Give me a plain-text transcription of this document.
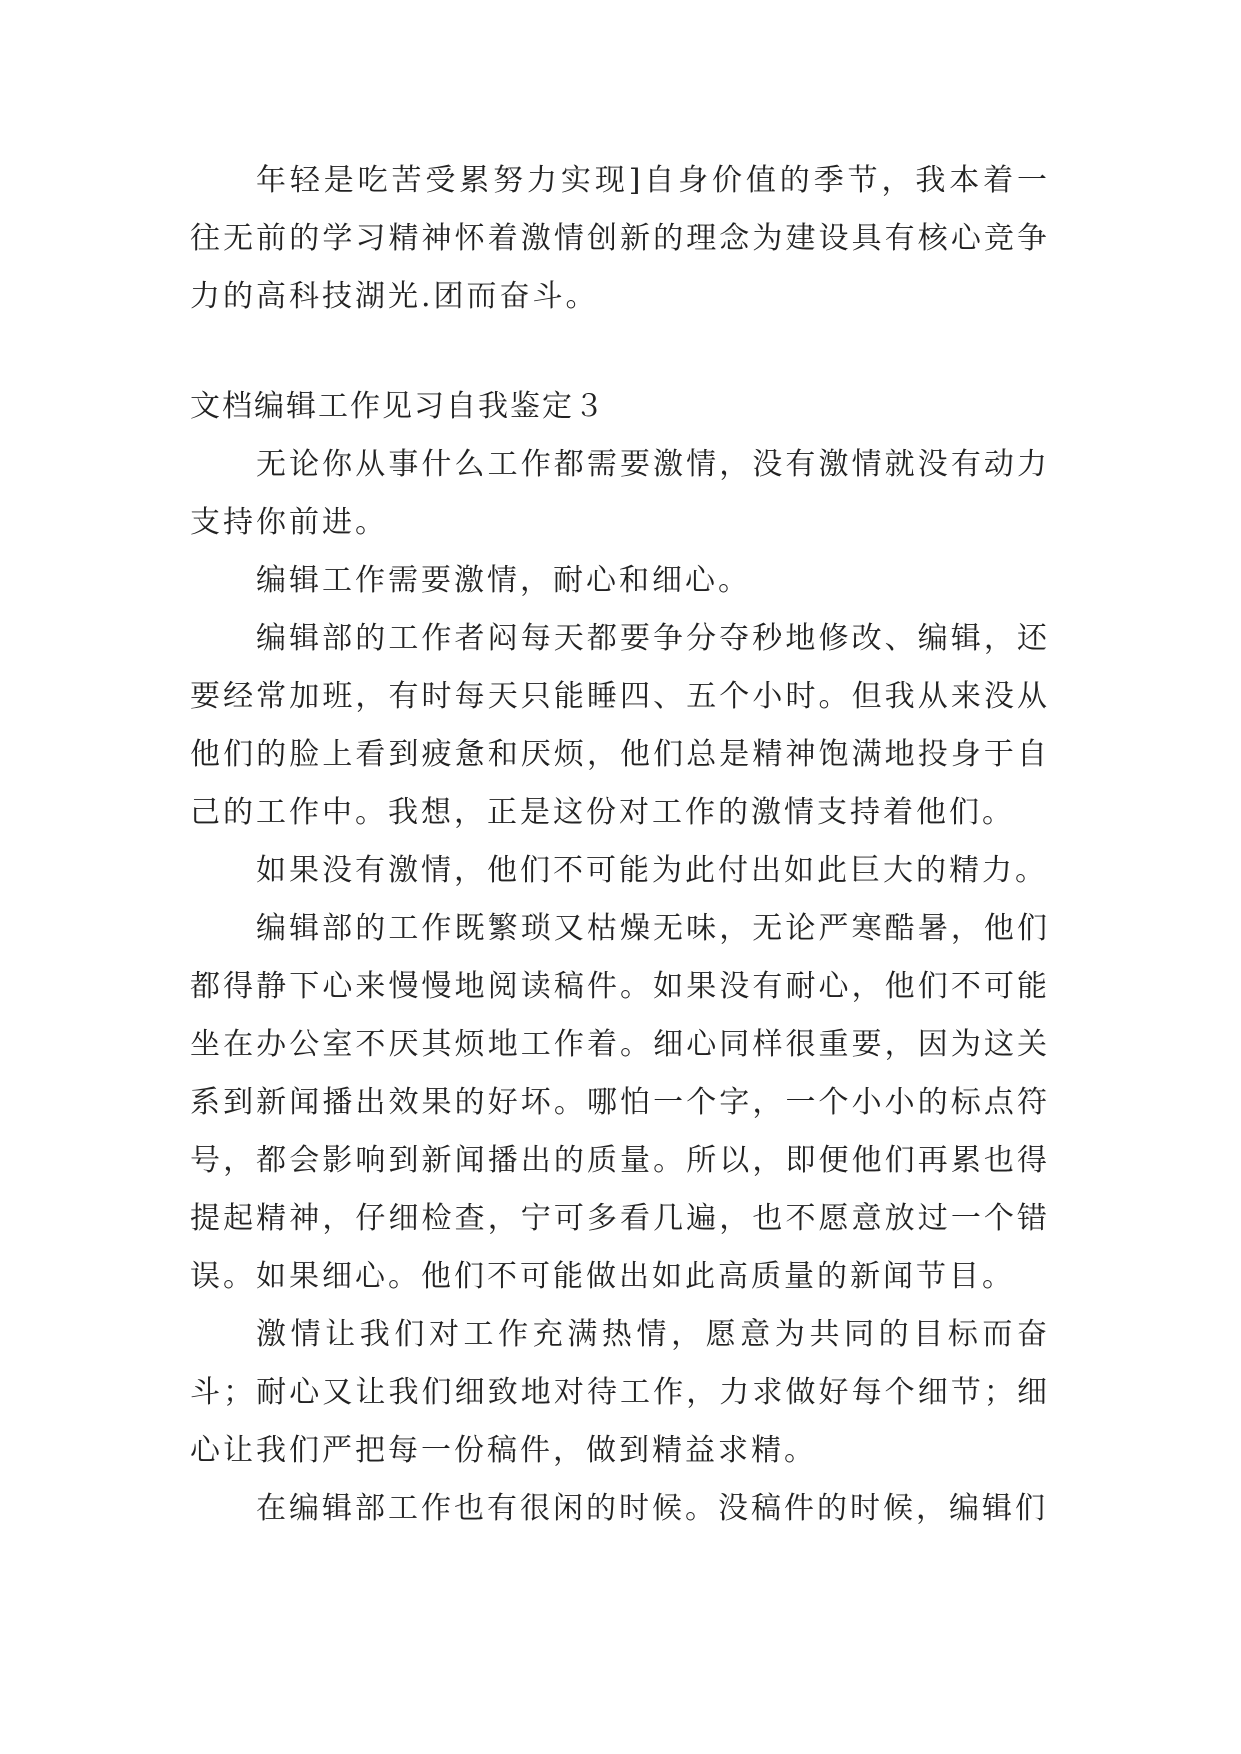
年轻是吃苦受累努力实现]自身价值的季节，我本着一往无前的学习精神怀着激情创新的理念为建设具有核心竞争力的高科技湖光.团而奋斗。

文档编辑工作见习自我鉴定３

无论你从事什么工作都需要激情，没有激情就没有动力支持你前进。

编辑工作需要激情，耐心和细心。

编辑部的工作者闷每天都要争分夺秒地修改、编辑，还要经常加班，有时每天只能睡四、五个小时。但我从来没从他们的脸上看到疲惫和厌烦，他们总是精神饱满地投身于自己的工作中。我想，正是这份对工作的激情支持着他们。

如果没有激情，他们不可能为此付出如此巨大的精力。

编辑部的工作既繁琐又枯燥无味，无论严寒酷暑，他们都得静下心来慢慢地阅读稿件。如果没有耐心，他们不可能坐在办公室不厌其烦地工作着。细心同样很重要，因为这关系到新闻播出效果的好坏。哪怕一个字，一个小小的标点符号，都会影响到新闻播出的质量。所以，即便他们再累也得提起精神，仔细检查，宁可多看几遍，也不愿意放过一个错误。如果细心。他们不可能做出如此高质量的新闻节目。

激情让我们对工作充满热情，愿意为共同的目标而奋斗；耐心又让我们细致地对待工作，力求做好每个细节；细心让我们严把每一份稿件，做到精益求精。

在编辑部工作也有很闲的时候。没稿件的时候，编辑们
